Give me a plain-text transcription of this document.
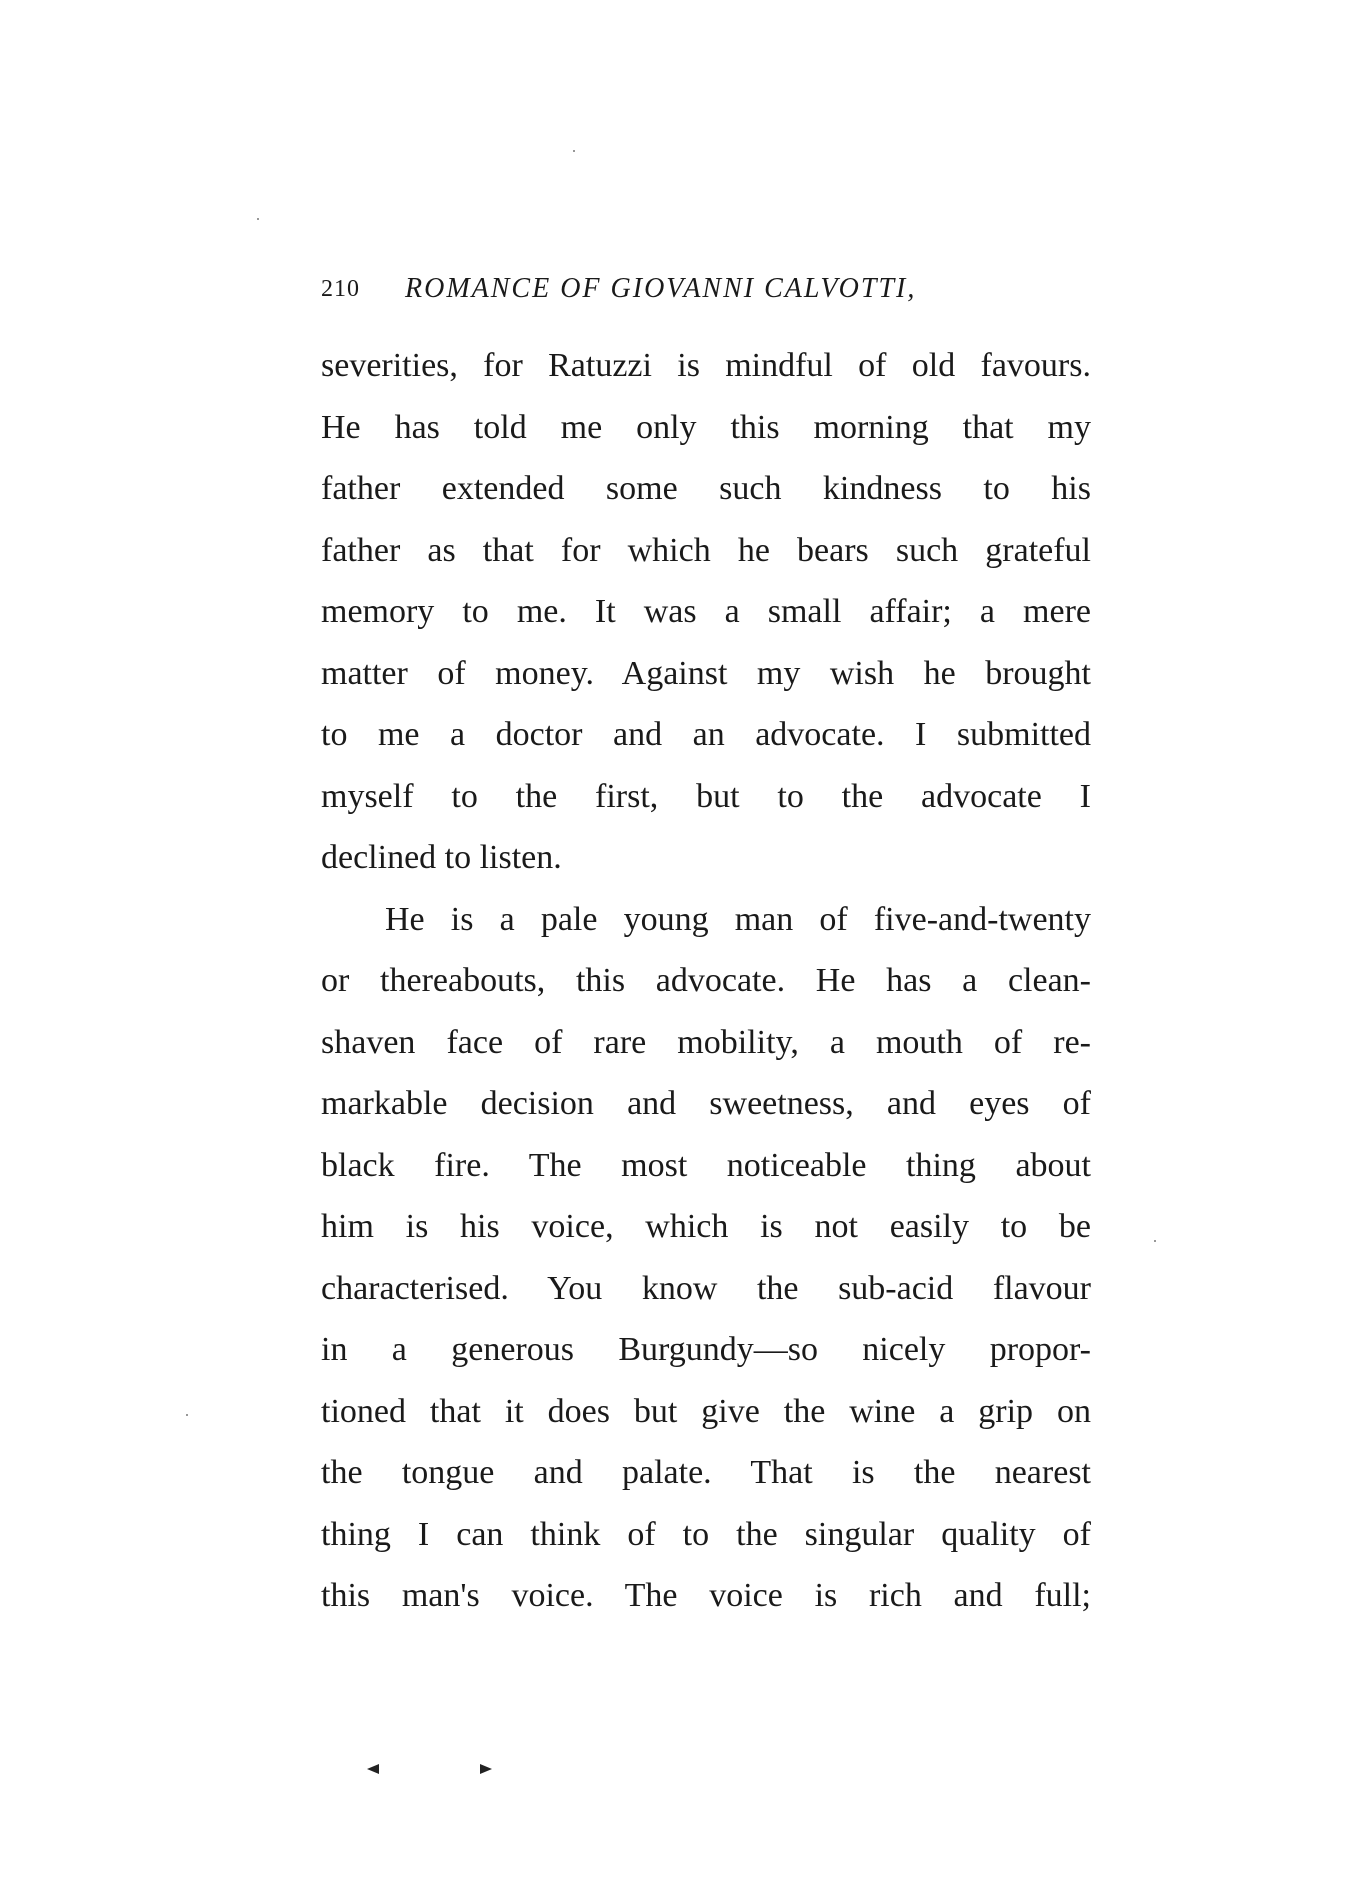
210 ROMANCE OF GIOVANNI CALVOTTI,
severities, for Ratuzzi is mindful of old favours.
He has told me only this morning that my
father extended some such kindness to his
father as that for which he bears such grateful
memory to me. It was a small affair; a mere
matter of money. Against my wish he brought
to me a doctor and an advocate. I submitted
myself to the first, but to the advocate I
declined to listen.
He is a pale young man of five-and-twenty
or thereabouts, this advocate. He has a clean-
shaven face of rare mobility, a mouth of re-
markable decision and sweetness, and eyes of
black fire. The most noticeable thing about
him is his voice, which is not easily to be
characterised. You know the sub-acid flavour
in a generous Burgundy—so nicely propor-
tioned that it does but give the wine a grip on
the tongue and palate. That is the nearest
thing I can think of to the singular quality of
this man's voice. The voice is rich and full;
